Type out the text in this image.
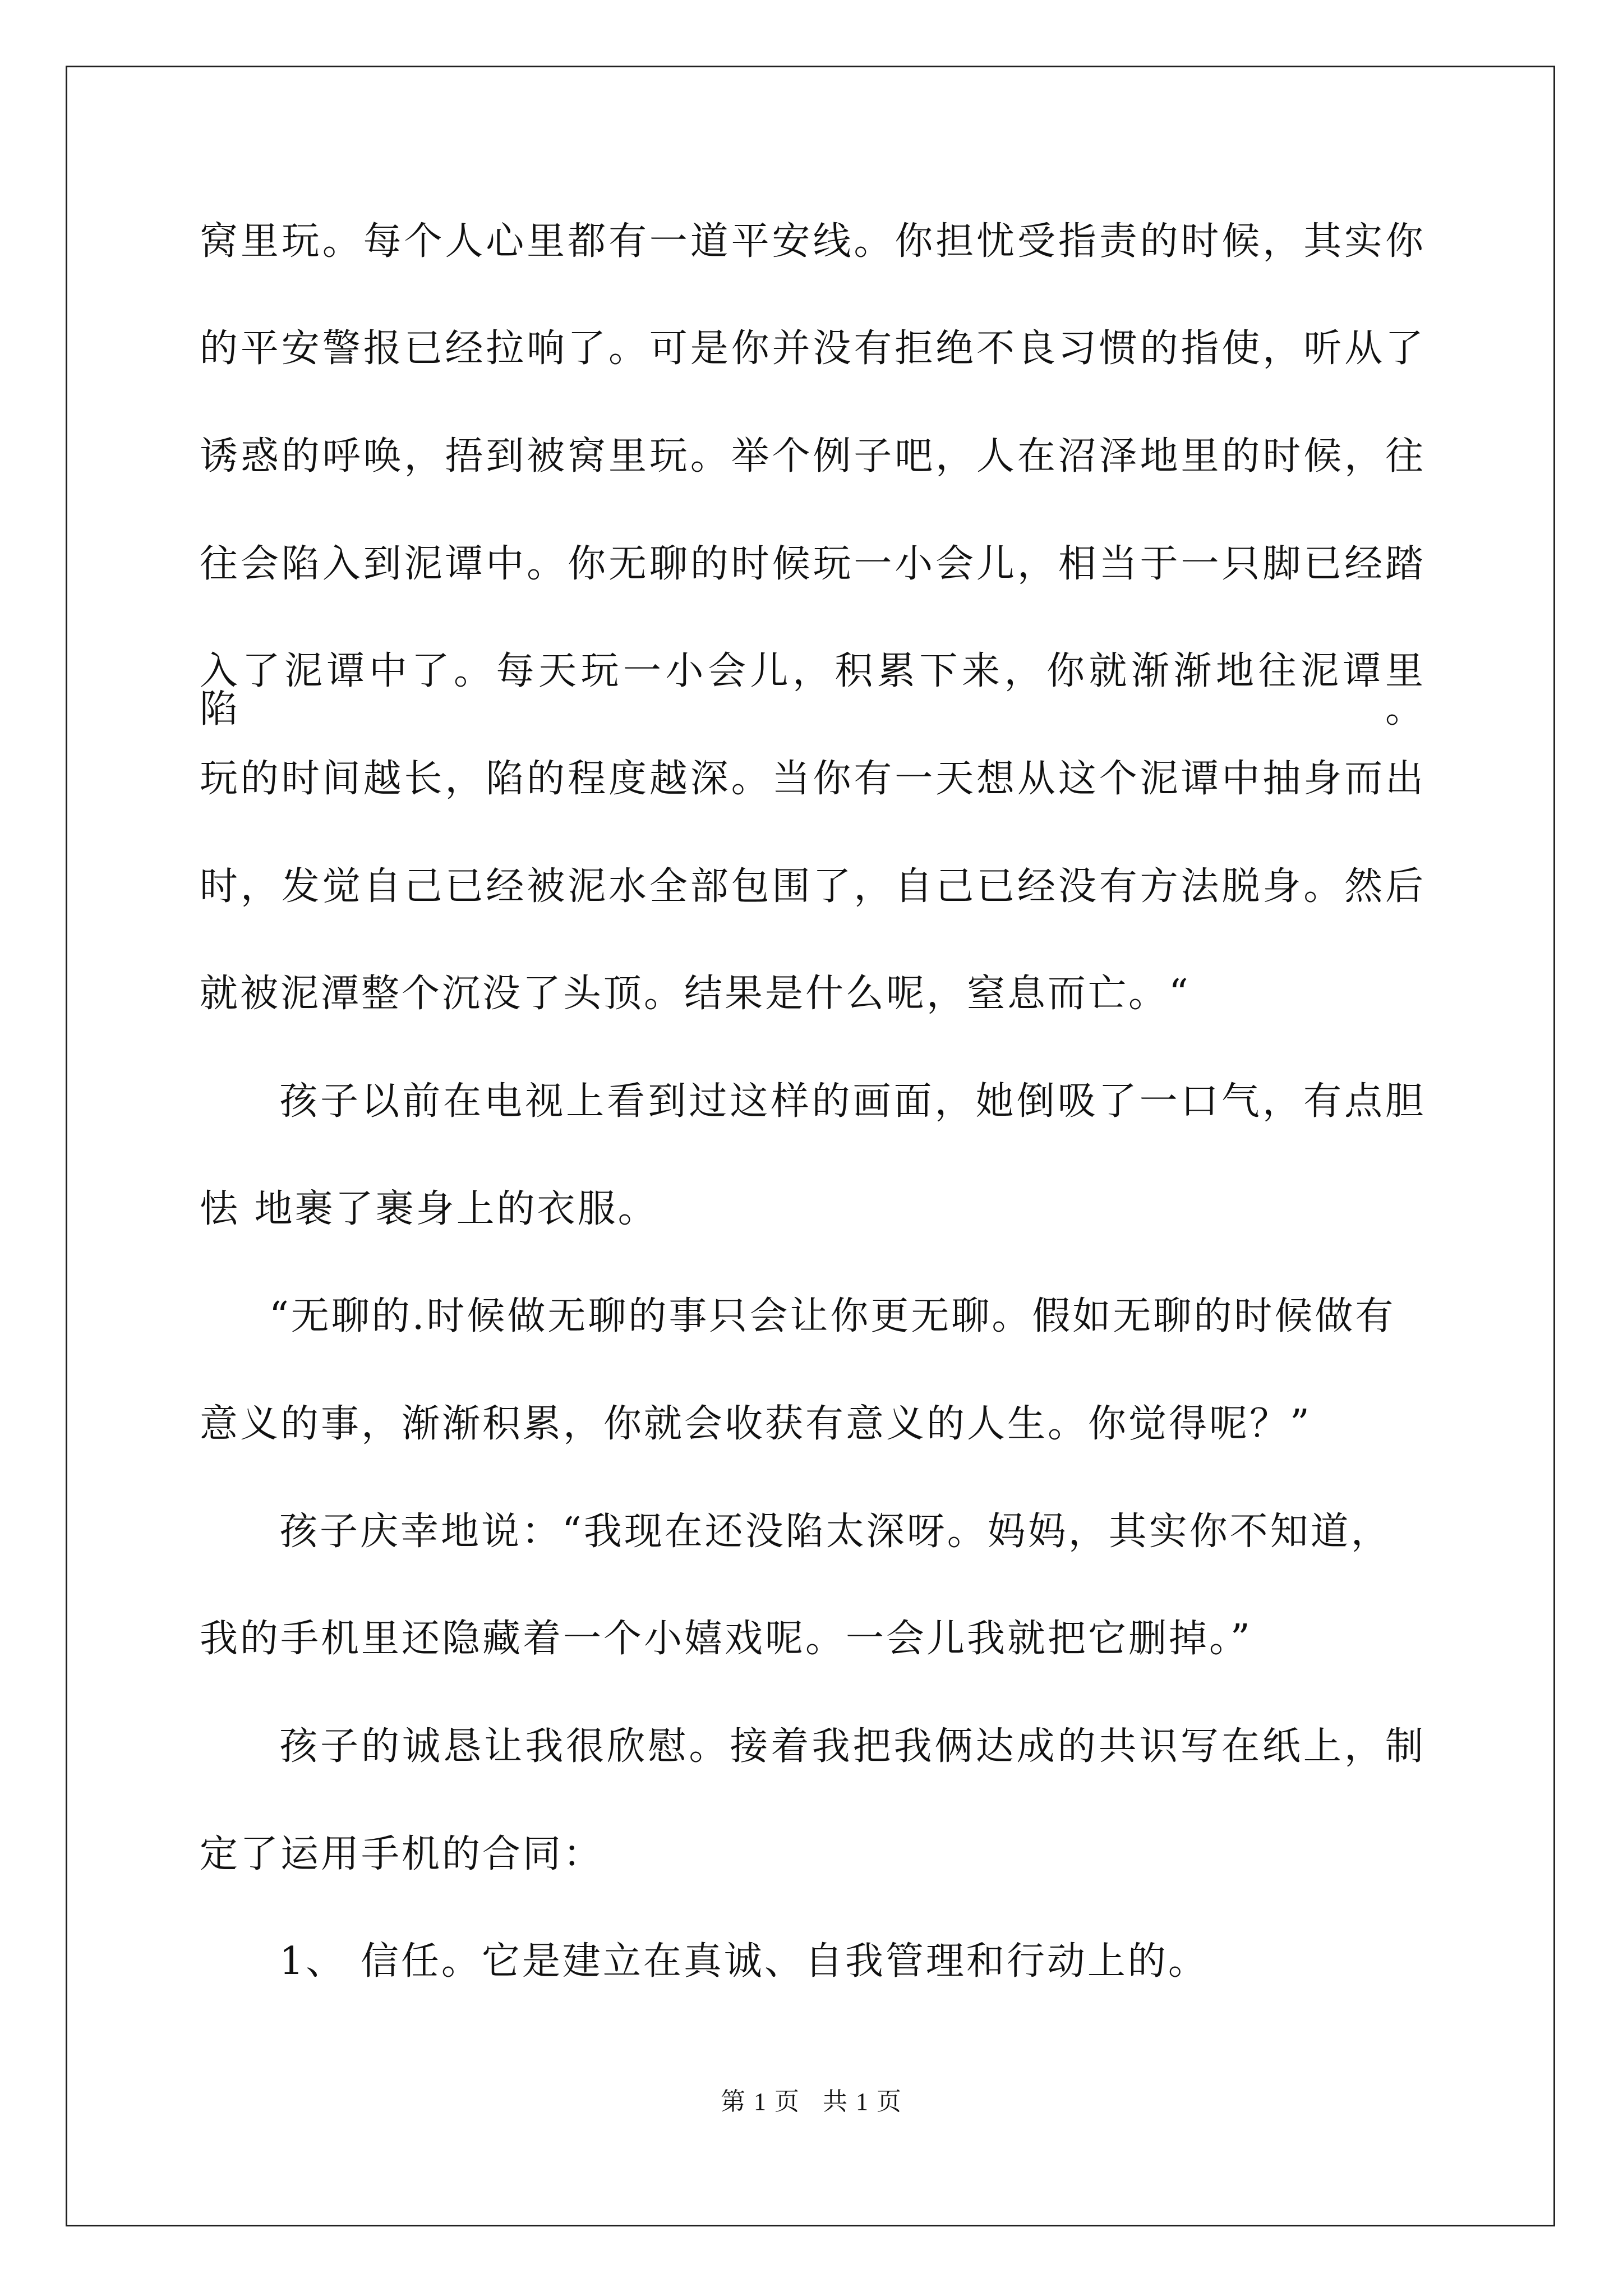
窝里玩。每个人心里都有一道平安线。你担忧受指责的时候，其实你
的平安警报已经拉响了。可是你并没有拒绝不良习惯的指使，听从了
诱惑的呼唤，捂到被窝里玩。举个例子吧，人在沼泽地里的时候，往
往会陷入到泥谭中。你无聊的时候玩一小会儿，相当于一只脚已经踏
入了泥谭中了。每天玩一小会儿，积累下来，你就渐渐地往泥谭里陷。
玩的时间越长，陷的程度越深。当你有一天想从这个泥谭中抽身而出
时，发觉自己已经被泥水全部包围了，自己已经没有方法脱身。然后
就被泥潭整个沉没了头顶。结果是什么呢，窒息而亡。“
孩子以前在电视上看到过这样的画面，她倒吸了一口气，有点胆
怯 地裹了裹身上的衣服。
“无聊的.时候做无聊的事只会让你更无聊。假如无聊的时候做有
意义的事，渐渐积累，你就会收获有意义的人生。你觉得呢？”
孩子庆幸地说：“我现在还没陷太深呀。妈妈，其实你不知道，
我的手机里还隐藏着一个小嬉戏呢。一会儿我就把它删掉。”
孩子的诚恳让我很欣慰。接着我把我俩达成的共识写在纸上，制
定了运用手机的合同：
1、 信任。它是建立在真诚、自我管理和行动上的。
第 1 页 共 1 页
